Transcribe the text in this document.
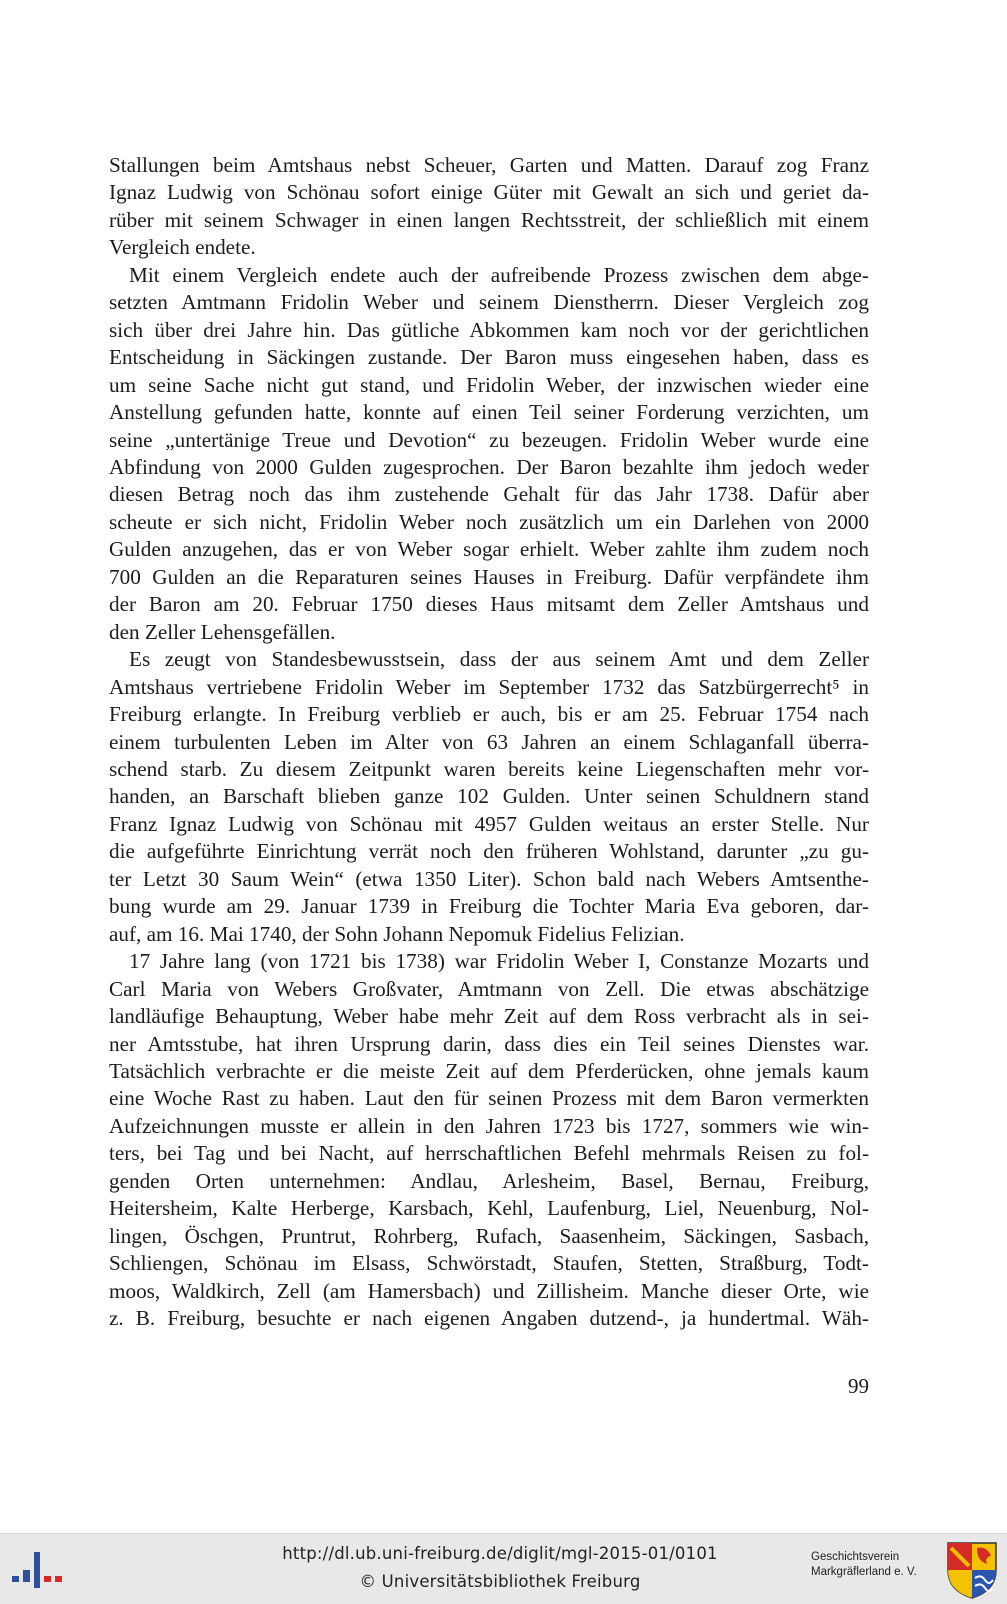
Stallungen beim Amtshaus nebst Scheuer, Garten und Matten. Darauf zog Franz
Ignaz Ludwig von Schönau sofort einige Güter mit Gewalt an sich und geriet da-
rüber mit seinem Schwager in einen langen Rechtsstreit, der schließlich mit einem
Vergleich endete.
Mit einem Vergleich endete auch der aufreibende Prozess zwischen dem abge-
setzten Amtmann Fridolin Weber und seinem Dienstherrn. Dieser Vergleich zog
sich über drei Jahre hin. Das gütliche Abkommen kam noch vor der gerichtlichen
Entscheidung in Säckingen zustande. Der Baron muss eingesehen haben, dass es
um seine Sache nicht gut stand, und Fridolin Weber, der inzwischen wieder eine
Anstellung gefunden hatte, konnte auf einen Teil seiner Forderung verzichten, um
seine „untertänige Treue und Devotion“ zu bezeugen. Fridolin Weber wurde eine
Abfindung von 2000 Gulden zugesprochen. Der Baron bezahlte ihm jedoch weder
diesen Betrag noch das ihm zustehende Gehalt für das Jahr 1738. Dafür aber
scheute er sich nicht, Fridolin Weber noch zusätzlich um ein Darlehen von 2000
Gulden anzugehen, das er von Weber sogar erhielt. Weber zahlte ihm zudem noch
700 Gulden an die Reparaturen seines Hauses in Freiburg. Dafür verpfändete ihm
der Baron am 20. Februar 1750 dieses Haus mitsamt dem Zeller Amtshaus und
den Zeller Lehensgefällen.
Es zeugt von Standesbewusstsein, dass der aus seinem Amt und dem Zeller
Amtshaus vertriebene Fridolin Weber im September 1732 das Satzbürgerrecht⁵ in
Freiburg erlangte. In Freiburg verblieb er auch, bis er am 25. Februar 1754 nach
einem turbulenten Leben im Alter von 63 Jahren an einem Schlaganfall überra-
schend starb. Zu diesem Zeitpunkt waren bereits keine Liegenschaften mehr vor-
handen, an Barschaft blieben ganze 102 Gulden. Unter seinen Schuldnern stand
Franz Ignaz Ludwig von Schönau mit 4957 Gulden weitaus an erster Stelle. Nur
die aufgeführte Einrichtung verrät noch den früheren Wohlstand, darunter „zu gu-
ter Letzt 30 Saum Wein“ (etwa 1350 Liter). Schon bald nach Webers Amtsenthe-
bung wurde am 29. Januar 1739 in Freiburg die Tochter Maria Eva geboren, dar-
auf, am 16. Mai 1740, der Sohn Johann Nepomuk Fidelius Felizian.
17 Jahre lang (von 1721 bis 1738) war Fridolin Weber I, Constanze Mozarts und
Carl Maria von Webers Großvater, Amtmann von Zell. Die etwas abschätzige
landläufige Behauptung, Weber habe mehr Zeit auf dem Ross verbracht als in sei-
ner Amtsstube, hat ihren Ursprung darin, dass dies ein Teil seines Dienstes war.
Tatsächlich verbrachte er die meiste Zeit auf dem Pferderücken, ohne jemals kaum
eine Woche Rast zu haben. Laut den für seinen Prozess mit dem Baron vermerkten
Aufzeichnungen musste er allein in den Jahren 1723 bis 1727, sommers wie win-
ters, bei Tag und bei Nacht, auf herrschaftlichen Befehl mehrmals Reisen zu fol-
genden Orten unternehmen: Andlau, Arlesheim, Basel, Bernau, Freiburg,
Heitersheim, Kalte Herberge, Karsbach, Kehl, Laufenburg, Liel, Neuenburg, Nol-
lingen, Öschgen, Pruntrut, Rohrberg, Rufach, Saasenheim, Säckingen, Sasbach,
Schliengen, Schönau im Elsass, Schwörstadt, Staufen, Stetten, Straßburg, Todt-
moos, Waldkirch, Zell (am Hamersbach) und Zillisheim. Manche dieser Orte, wie
z. B. Freiburg, besuchte er nach eigenen Angaben dutzend-, ja hundertmal. Wäh-
99
http://dl.ub.uni-freiburg.de/diglit/mgl-2015-01/0101
© Universitätsbibliothek Freiburg
Geschichtsverein
Markgräflerland e. V.
